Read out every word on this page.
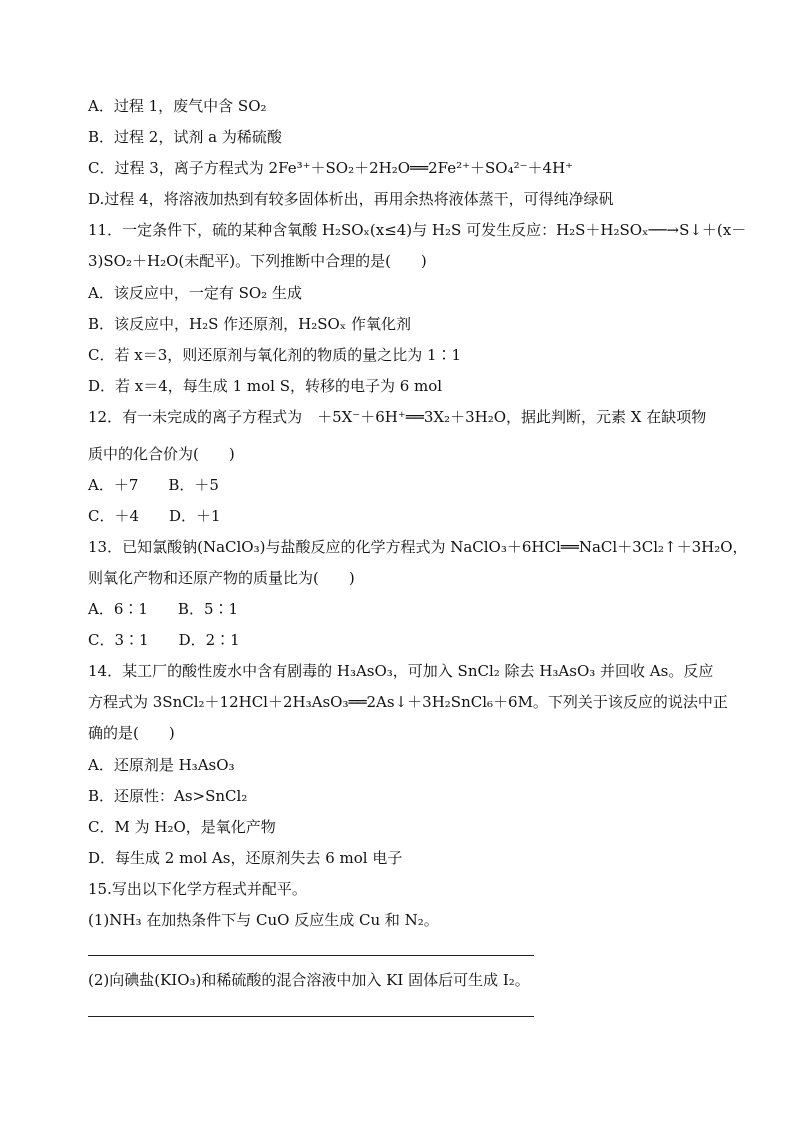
A．过程 1，废气中含 SO₂
B．过程 2，试剂 a 为稀硫酸
C．过程 3，离子方程式为 2Fe³⁺＋SO₂＋2H₂O══2Fe²⁺＋SO₄²⁻＋4H⁺
D.过程 4，将溶液加热到有较多固体析出，再用余热将液体蒸干，可得纯净绿矾
11．一定条件下，硫的某种含氧酸 H₂SOₓ(x≤4)与 H₂S 可发生反应：H₂S＋H₂SOₓ──→S↓＋(x－
3)SO₂＋H₂O(未配平)。下列推断中合理的是(　　)
A．该反应中，一定有 SO₂ 生成
B．该反应中，H₂S 作还原剂，H₂SOₓ 作氧化剂
C．若 x＝3，则还原剂与氧化剂的物质的量之比为 1∶1
D．若 x＝4，每生成 1 mol S，转移的电子为 6 mol
12．有一未完成的离子方程式为　＋5X⁻＋6H⁺══3X₂＋3H₂O，据此判断，元素 X 在缺项物
质中的化合价为(　　)
A．＋7　　B．＋5
C．＋4　　D．＋1
13．已知氯酸钠(NaClO₃)与盐酸反应的化学方程式为 NaClO₃＋6HCl══NaCl＋3Cl₂↑＋3H₂O，
则氧化产物和还原产物的质量比为(　　)
A．6∶1　　B．5∶1
C．3∶1　　D．2∶1
14．某工厂的酸性废水中含有剧毒的 H₃AsO₃，可加入 SnCl₂ 除去 H₃AsO₃ 并回收 As。反应
方程式为 3SnCl₂＋12HCl＋2H₃AsO₃══2As↓＋3H₂SnCl₆＋6M。下列关于该反应的说法中正
确的是(　　)
A．还原剂是 H₃AsO₃
B．还原性：As>SnCl₂
C．M 为 H₂O，是氧化产物
D．每生成 2 mol As，还原剂失去 6 mol 电子
15.写出以下化学方程式并配平。
(1)NH₃ 在加热条件下与 CuO 反应生成 Cu 和 N₂。
(2)向碘盐(KIO₃)和稀硫酸的混合溶液中加入 KI 固体后可生成 I₂。
